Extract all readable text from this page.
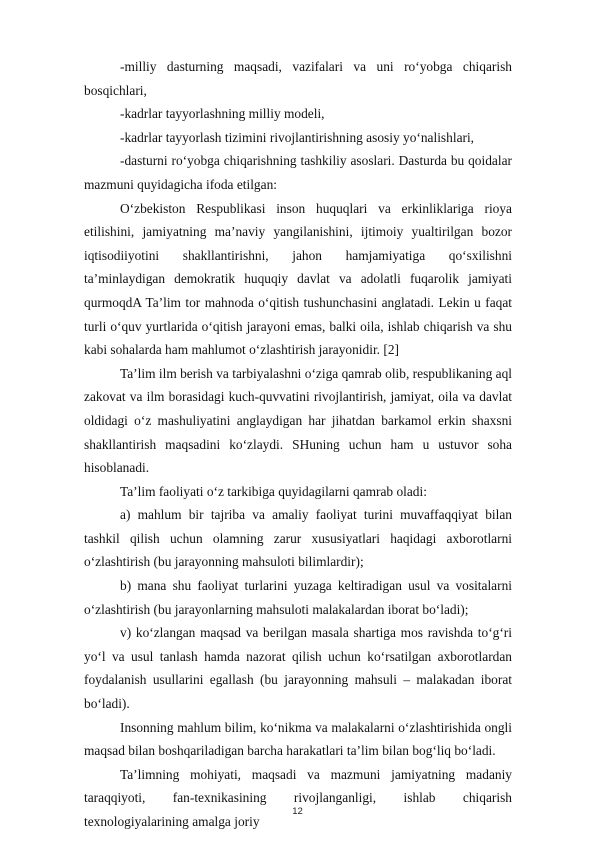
-milliy dasturning maqsadi, vazifalari va uni ro‘yobga chiqarish bosqichlari,

-kadrlar tayyorlashning milliy modeli,

-kadrlar tayyorlash tizimini rivojlantirishning asosiy yo‘nalishlari,

-dasturni ro‘yobga chiqarishning tashkiliy asoslari. Dasturda bu qoidalar mazmuni quyidagicha ifoda etilgan:

O‘zbekiston Respublikasi inson huquqlari va erkinliklariga rioya etilishini, jamiyatning ma’naviy yangilanishini, ijtimoiy yualtirilgan bozor iqtisodiiyotini shakllantirishni, jahon hamjamiyatiga qo‘sxilishni ta’minlaydigan demokratik huquqiy davlat va adolatli fuqarolik jamiyati qurmoqdA Ta’lim tor mahnoda o‘qitish tushunchasini anglatadi. Lekin u faqat turli o‘quv yurtlarida o‘qitish jarayoni emas, balki oila, ishlab chiqarish va shu kabi sohalarda ham mahlumot o‘zlashtirish jarayonidir. [2]

Ta’lim ilm berish va tarbiyalashni o‘ziga qamrab olib, respublikaning aql zakovat va ilm borasidagi kuch-quvvatini rivojlantirish, jamiyat, oila va davlat oldidagi o‘z mashuliyatini anglaydigan har jihatdan barkamol erkin shaxsni shakllantirish maqsadini ko‘zlaydi. SHuning uchun ham u ustuvor soha hisoblanadi.

Ta’lim faoliyati o‘z tarkibiga quyidagilarni qamrab oladi:

a) mahlum bir tajriba va amaliy faoliyat turini muvaffaqqiyat bilan tashkil qilish uchun olamning zarur xususiyatlari haqidagi axborotlarni o‘zlashtirish (bu jarayonning mahsuloti bilimlardir);

b) mana shu faoliyat turlarini yuzaga keltiradigan usul va vositalarni o‘zlashtirish (bu jarayonlarning mahsuloti malakalardan iborat bo‘ladi);

v) ko‘zlangan maqsad va berilgan masala shartiga mos ravishda to‘g‘ri yo‘l va usul tanlash hamda nazorat qilish uchun ko‘rsatilgan axborotlardan foydalanish usullarini egallash (bu jarayonning mahsuli – malakadan iborat bo‘ladi).

Insonning mahlum bilim, ko‘nikma va malakalarni o‘zlashtirishida ongli maqsad bilan boshqariladigan barcha harakatlari ta’lim bilan bog‘liq bo‘ladi.

Ta’limning mohiyati, maqsadi va mazmuni jamiyatning madaniy taraqqiyoti, fan-texnikasining rivojlanganligi, ishlab chiqarish texnologiyalarining amalga joriy

12
